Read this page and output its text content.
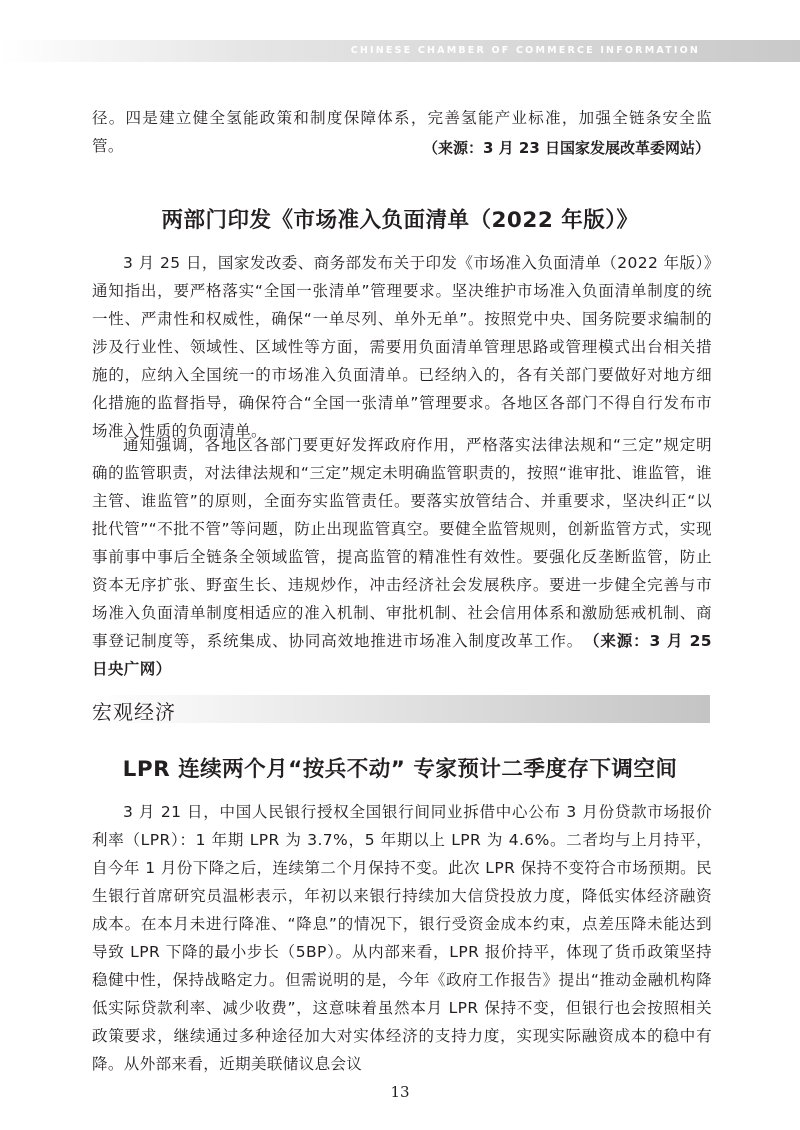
CHINESE CHAMBER OF COMMERCE INFORMATION

径。四是建立健全氢能政策和制度保障体系，完善氢能产业标准，加强全链条安全监管。	（来源：3 月 23 日国家发展改革委网站）
两部门印发《市场准入负面清单（2022 年版）》

3 月 25 日，国家发改委、商务部发布关于印发《市场准入负面清单（2022 年版）》通知指出，要严格落实“全国一张清单”管理要求。坚决维护市场准入负面清单制度的统一性、严肃性和权威性，确保“一单尽列、单外无单”。按照党中央、国务院要求编制的涉及行业性、领域性、区域性等方面，需要用负面清单管理思路或管理模式出台相关措施的，应纳入全国统一的市场准入负面清单。已经纳入的，各有关部门要做好对地方细化措施的监督指导，确保符合“全国一张清单”管理要求。各地区各部门不得自行发布市场准入性质的负面清单。

通知强调，各地区各部门要更好发挥政府作用，严格落实法律法规和“三定”规定明确的监管职责，对法律法规和“三定”规定未明确监管职责的，按照“谁审批、谁监管，谁主管、谁监管”的原则，全面夯实监管责任。要落实放管结合、并重要求，坚决纠正“以批代管”“不批不管”等问题，防止出现监管真空。要健全监管规则，创新监管方式，实现事前事中事后全链条全领域监管，提高监管的精准性有效性。要强化反垄断监管，防止资本无序扩张、野蛮生长、违规炒作，冲击经济社会发展秩序。要进一步健全完善与市场准入负面清单制度相适应的准入机制、审批机制、社会信用体系和激励惩戒机制、商事登记制度等，系统集成、协同高效地推进市场准入制度改革工作。　 （来源：3 月 25 日央广网）

宏观经济
LPR 连续两个月“按兵不动” 专家预计二季度存下调空间

3 月 21 日，中国人民银行授权全国银行间同业拆借中心公布 3 月份贷款市场报价利率（LPR）：1 年期 LPR 为 3.7%，5 年期以上 LPR 为 4.6%。二者均与上月持平，自今年 1 月份下降之后，连续第二个月保持不变。此次 LPR 保持不变符合市场预期。民生银行首席研究员温彬表示，年初以来银行持续加大信贷投放力度，降低实体经济融资成本。在本月未进行降准、“降息”的情况下，银行受资金成本约束，点差压降未能达到导致 LPR 下降的最小步长（5BP）。从内部来看，LPR 报价持平，体现了货币政策坚持稳健中性，保持战略定力。但需说明的是，今年《政府工作报告》提出“推动金融机构降低实际贷款利率、减少收费”，这意味着虽然本月 LPR 保持不变，但银行也会按照相关政策要求，继续通过多种途径加大对实体经济的支持力度，实现实际融资成本的稳中有降。从外部来看，近期美联储议息会议

13
